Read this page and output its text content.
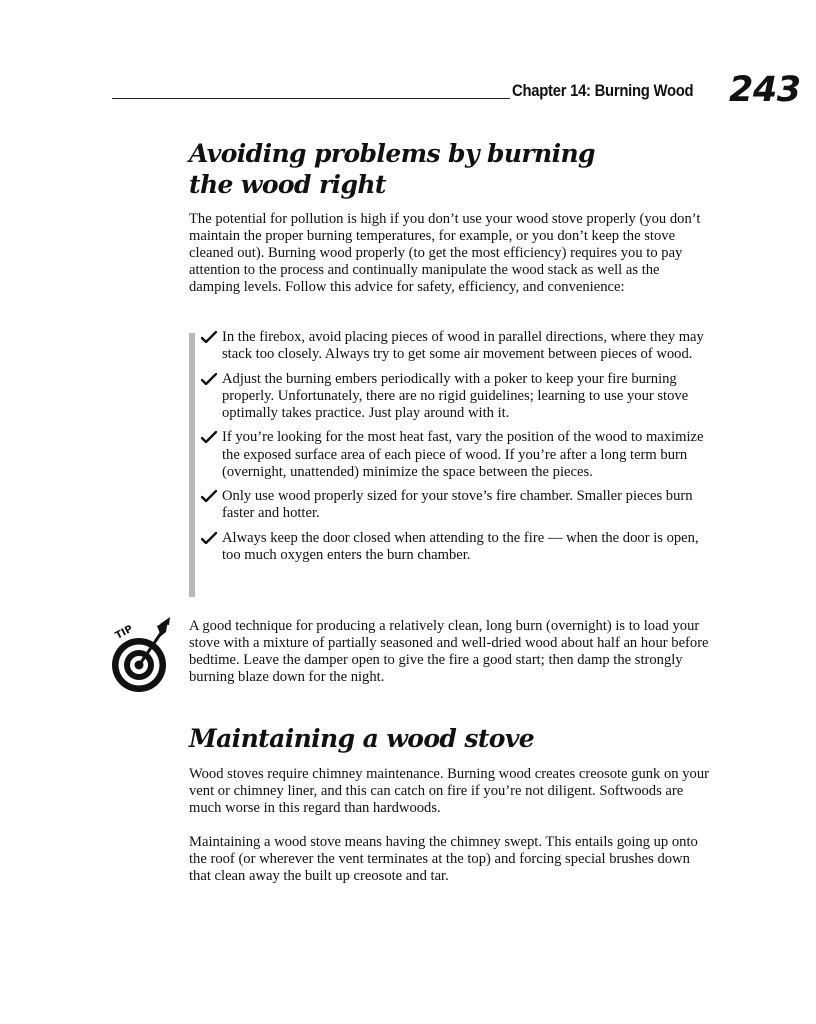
Chapter 14: Burning Wood 243
Avoiding problems by burning
the wood right

The potential for pollution is high if you don’t use your wood stove properly (you don’t maintain the proper burning temperatures, for example, or you don’t keep the stove cleaned out). Burning wood properly (to get the most efficiency) requires you to pay attention to the process and continually manipulate the wood stack as well as the damping levels. Follow this advice for safety, efficiency, and convenience:

In the firebox, avoid placing pieces of wood in parallel directions, where they may stack too closely. Always try to get some air movement between pieces of wood.
Adjust the burning embers periodically with a poker to keep your fire burning properly. Unfortunately, there are no rigid guidelines; learning to use your stove optimally takes practice. Just play around with it.
If you’re looking for the most heat fast, vary the position of the wood to maximize the exposed surface area of each piece of wood. If you’re after a long term burn (overnight, unattended) minimize the space between the pieces.
Only use wood properly sized for your stove’s fire chamber. Smaller pieces burn faster and hotter.
Always keep the door closed when attending to the fire — when the door is open, too much oxygen enters the burn chamber.
TIP	A good technique for producing a relatively clean, long burn (overnight) is to load your stove with a mixture of partially seasoned and well-dried wood about half an hour before bedtime. Leave the damper open to give the fire a good start; then damp the strongly burning blaze down for the night.

Maintaining a wood stove

Wood stoves require chimney maintenance. Burning wood creates creosote gunk on your vent or chimney liner, and this can catch on fire if you’re not diligent. Softwoods are much worse in this regard than hardwoods.

Maintaining a wood stove means having the chimney swept. This entails going up onto the roof (or wherever the vent terminates at the top) and forcing special brushes down that clean away the built up creosote and tar.
